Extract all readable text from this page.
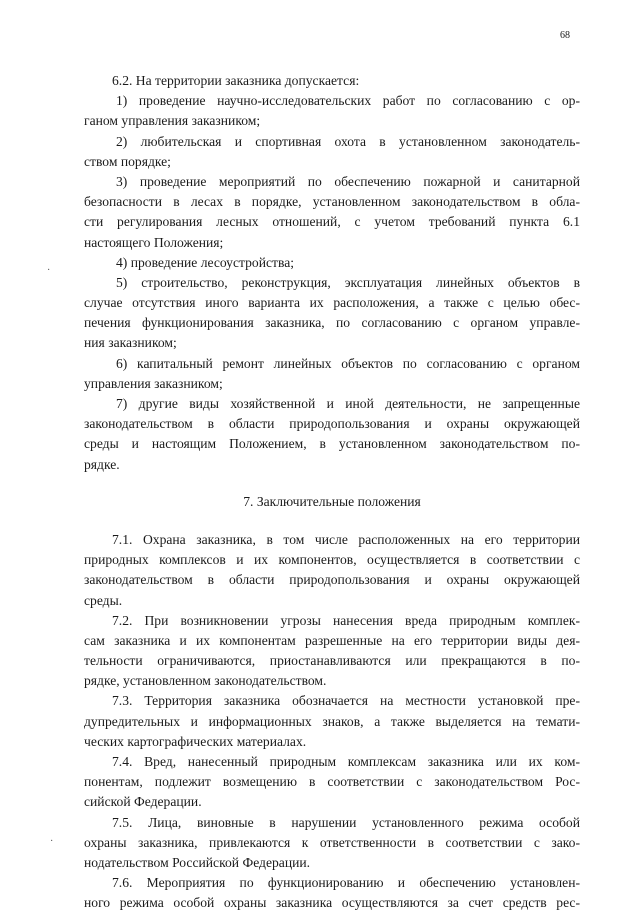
68
·
·
6.2. На территории заказника допускается:
1) проведение научно-исследовательских работ по согласованию с ор-
ганом управления заказником;
2) любительская и спортивная охота в установленном законодатель-
ством порядке;
3) проведение мероприятий по обеспечению пожарной и санитарной
безопасности в лесах в порядке, установленном законодательством в обла-
сти регулирования лесных отношений, с учетом требований пункта 6.1
настоящего Положения;
4) проведение лесоустройства;
5) строительство, реконструкция, эксплуатация линейных объектов в
случае отсутствия иного варианта их расположения, а также с целью обес-
печения функционирования заказника, по согласованию с органом управле-
ния заказником;
6) капитальный ремонт линейных объектов по согласованию с органом
управления заказником;
7) другие виды хозяйственной и иной деятельности, не запрещенные
законодательством в области природопользования и охраны окружающей
среды и настоящим Положением, в установленном законодательством по-
рядке.
7. Заключительные положения
7.1. Охрана заказника, в том числе расположенных на его территории
природных комплексов и их компонентов, осуществляется в соответствии с
законодательством в области природопользования и охраны окружающей
среды.
7.2. При возникновении угрозы нанесения вреда природным комплек-
сам заказника и их компонентам разрешенные на его территории виды дея-
тельности ограничиваются, приостанавливаются или прекращаются в по-
рядке, установленном законодательством.
7.3. Территория заказника обозначается на местности установкой пре-
дупредительных и информационных знаков, а также выделяется на темати-
ческих картографических материалах.
7.4. Вред, нанесенный природным комплексам заказника или их ком-
понентам, подлежит возмещению в соответствии с законодательством Рос-
сийской Федерации.
7.5. Лица, виновные в нарушении установленного режима особой
охраны заказника, привлекаются к ответственности в соответствии с зако-
нодательством Российской Федерации.
7.6. Мероприятия по функционированию и обеспечению установлен-
ного режима особой охраны заказника осуществляются за счет средств рес-
